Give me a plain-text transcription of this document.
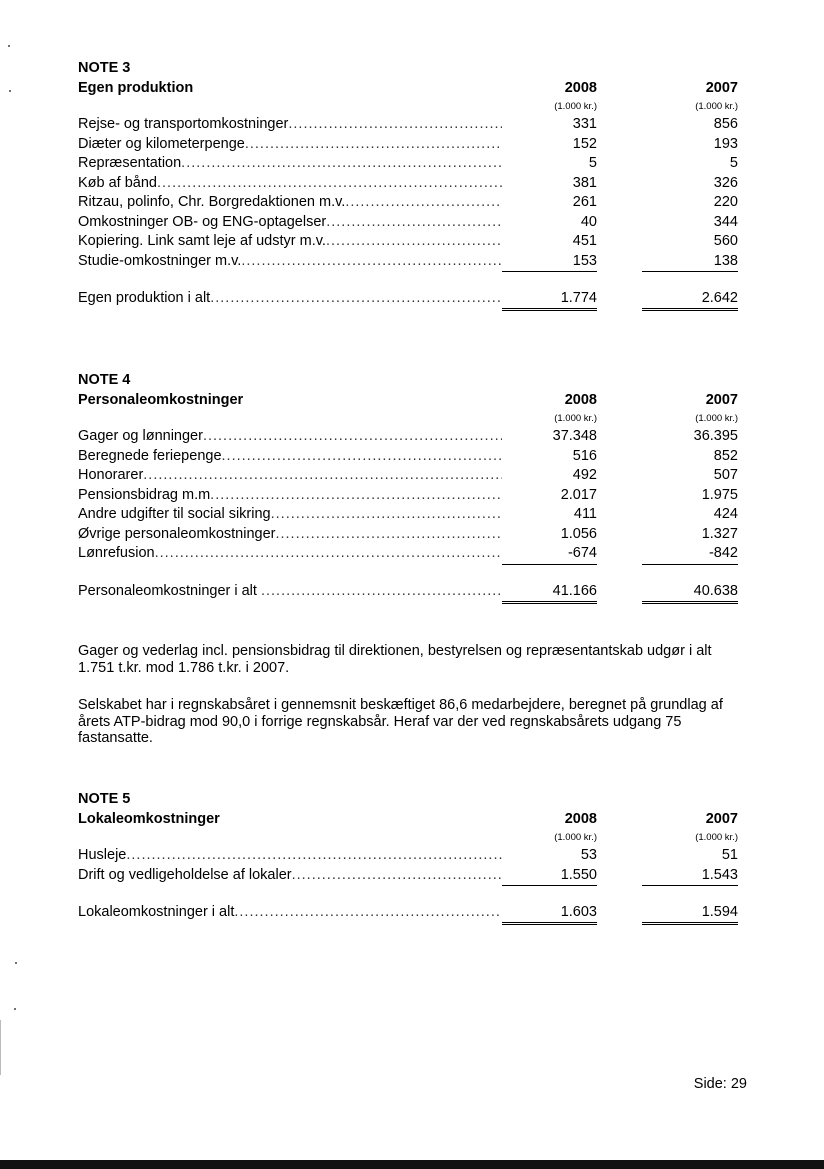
NOTE 3
Egen produktion	2008	2007
(1.000 kr.)	(1.000 kr.)
Rejse- og transportomkostninger .....	331	856
Diæter og kilometerpenge .....	152	193
Repræsentation .....	5	5
Køb af bånd .....	381	326
Ritzau, polinfo, Chr. Borgredaktionen m.v. .....	261	220
Omkostninger OB- og ENG-optagelser .....	40	344
Kopiering. Link samt leje af udstyr m.v. .....	451	560
Studie-omkostninger m.v. .....	153	138
Egen produktion i alt .....	1.774	2.642
NOTE 4
Personaleomkostninger	2008	2007
(1.000 kr.)	(1.000 kr.)
Gager og lønninger .....	37.348	36.395
Beregnede feriepenge .....	516	852
Honorarer .....	492	507
Pensionsbidrag m.m .....	2.017	1.975
Andre udgifter til social sikring .....	411	424
Øvrige personaleomkostninger .....	1.056	1.327
Lønrefusion .....	-674	-842
Personaleomkostninger i alt .....	41.166	40.638
Gager og vederlag incl. pensionsbidrag til direktionen, bestyrelsen og repræsentantskab udgør i alt 1.751 t.kr. mod 1.786 t.kr. i 2007.
Selskabet har i regnskabsåret i gennemsnit beskæftiget 86,6 medarbejdere, beregnet på grundlag af årets ATP-bidrag mod 90,0 i forrige regnskabsår. Heraf var der ved regnskabsårets udgang 75 fastansatte.
NOTE 5
Lokaleomkostninger	2008	2007
(1.000 kr.)	(1.000 kr.)
Husleje .....	53	51
Drift og vedligeholdelse af lokaler .....	1.550	1.543
Lokaleomkostninger i alt .....	1.603	1.594
Side: 29
